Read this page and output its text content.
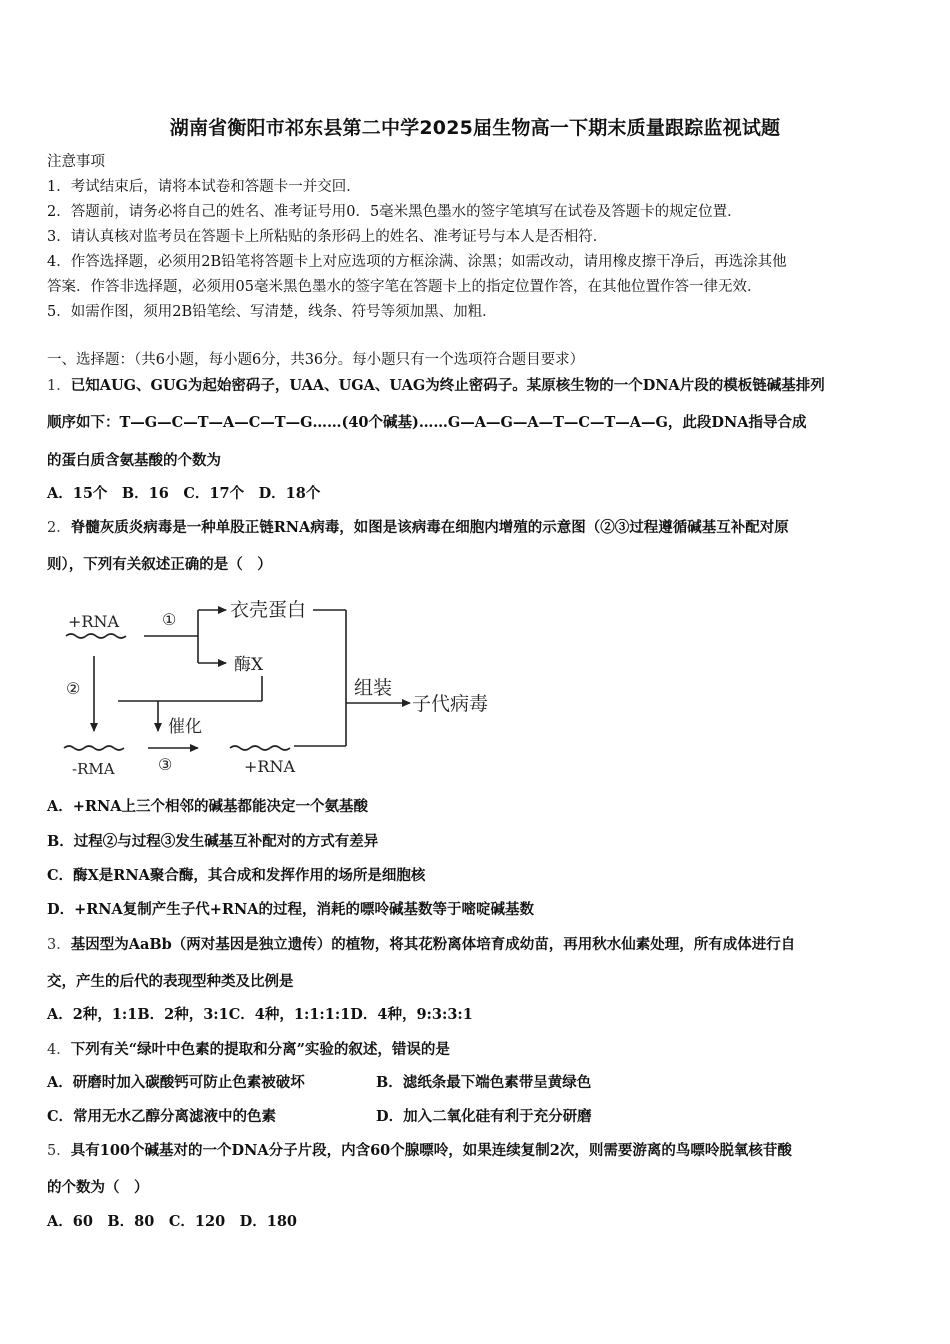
湖南省衡阳市祁东县第二中学2025届生物高一下期末质量跟踪监视试题
注意事项
1．考试结束后，请将本试卷和答题卡一并交回．
2．答题前，请务必将自己的姓名、准考证号用0．5毫米黑色墨水的签字笔填写在试卷及答题卡的规定位置．
3．请认真核对监考员在答题卡上所粘贴的条形码上的姓名、准考证号与本人是否相符．
4．作答选择题，必须用2B铅笔将答题卡上对应选项的方框涂满、涂黑；如需改动，请用橡皮擦干净后，再选涂其他
答案．作答非选择题，必须用05毫米黑色墨水的签字笔在答题卡上的指定位置作答，在其他位置作答一律无效．
5．如需作图，须用2B铅笔绘、写清楚，线条、符号等须加黑、加粗．
一、选择题：（共6小题，每小题6分，共36分。每小题只有一个选项符合题目要求）
1．已知AUG、GUG为起始密码子，UAA、UGA、UAG为终止密码子。某原核生物的一个DNA片段的模板链碱基排列
顺序如下：T—G—C—T—A—C—T—G……(40个碱基)……G—A—G—A—T—C—T—A—G，此段DNA指导合成
的蛋白质含氨基酸的个数为
A．15个　B．16　C．17个　D．18个
2．脊髓灰质炎病毒是一种单股正链RNA病毒，如图是该病毒在细胞内增殖的示意图（②③过程遵循碱基互补配对原
则），下列有关叙述正确的是（　）
+RNA	①	衣壳蛋白
酶X
组装
子代病毒
②
催化
-RMA	③	+RNA
A．+RNA上三个相邻的碱基都能决定一个氨基酸
B．过程②与过程③发生碱基互补配对的方式有差异
C．酶X是RNA聚合酶，其合成和发挥作用的场所是细胞核
D．+RNA复制产生子代+RNA的过程，消耗的嘌呤碱基数等于嘧啶碱基数
3．基因型为AaBb（两对基因是独立遗传）的植物，将其花粉离体培育成幼苗，再用秋水仙素处理，所有成体进行自
交，产生的后代的表现型种类及比例是
A．2种，1:1B．2种，3:1C．4种，1:1:1:1D．4种，9:3:3:1
4．下列有关“绿叶中色素的提取和分离”实验的叙述，错误的是
A．研磨时加入碳酸钙可防止色素被破坏	B．滤纸条最下端色素带呈黄绿色
C．常用无水乙醇分离滤液中的色素	D．加入二氧化硅有利于充分研磨
5．具有100个碱基对的一个DNA分子片段，内含60个腺嘌呤，如果连续复制2次，则需要游离的鸟嘌呤脱氧核苷酸
的个数为（　）
A．60　B．80　C．120　D．180
